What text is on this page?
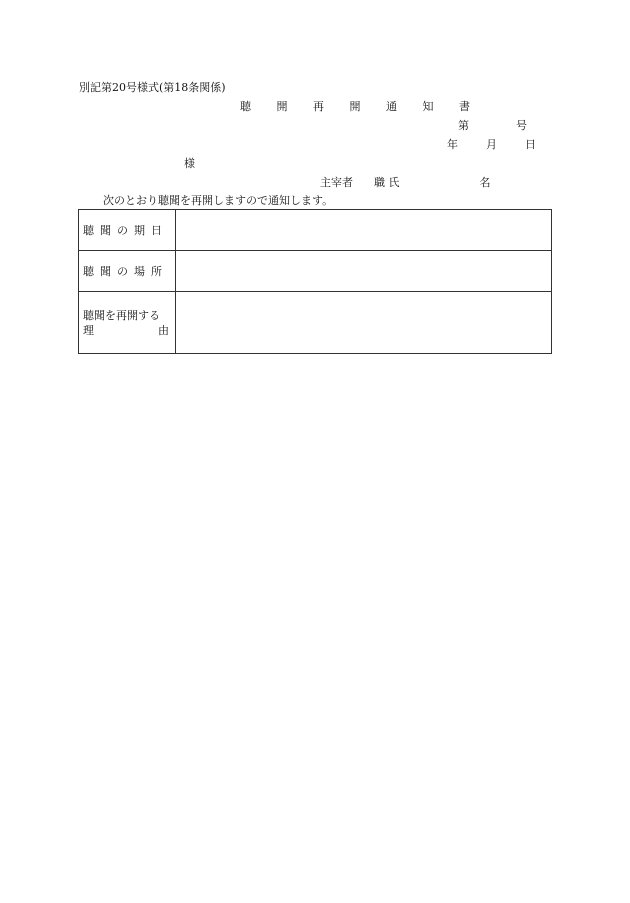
別記第20号様式(第18条関係)
聴 開 再 開 通 知 書
第	号
年	月	日
様
主宰者 職 氏	名
次のとおり聴聞を再開しますので通知します。
聴聞の期日	
聴聞の場所	

聴聞を再開する
理 由	
